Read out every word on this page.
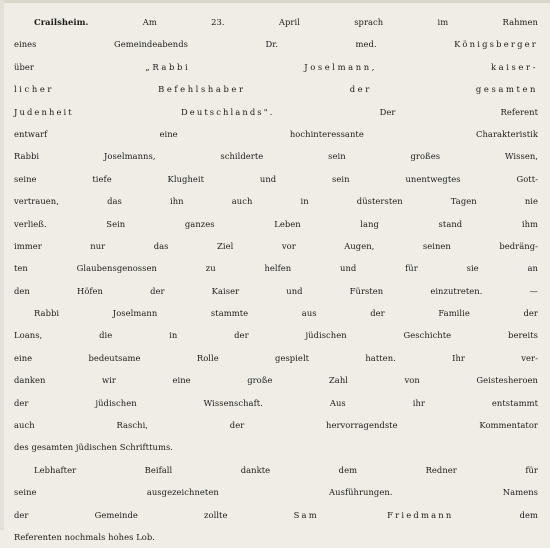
Crailsheim. Am 23. April sprach im Rahmen
eines Gemeindeabends Dr. med. Königsberger
über „Rabbi Joselmann, kaiser-
licher Befehlshaber der gesamten
Judenheit Deutschlands". Der Referent
entwarf eine hochinteressante Charakteristik
Rabbi Joselmanns, schilderte sein großes Wissen,
seine tiefe Klugheit und sein unentwegtes Gott-
vertrauen, das ihn auch in düstersten Tagen nie
verließ. Sein ganzes Leben lang stand ihm
immer nur das Ziel vor Augen, seinen bedräng-
ten Glaubensgenossen zu helfen und für sie an
den Höfen der Kaiser und Fürsten einzutreten. —
Rabbi Joselmann stammte aus der Familie der
Loans, die in der jüdischen Geschichte bereits
eine bedeutsame Rolle gespielt hatten. Ihr ver-
danken wir eine große Zahl von Geistesheroen
der jüdischen Wissenschaft. Aus ihr entstammt
auch Raschi, der hervorragendste Kommentator
des gesamten jüdischen Schrifttums.
Lebhafter Beifall dankte dem Redner für
seine ausgezeichneten Ausführungen. Namens
der Gemeinde zollte Sam Friedmann dem
Referenten nochmals hohes Lob.
